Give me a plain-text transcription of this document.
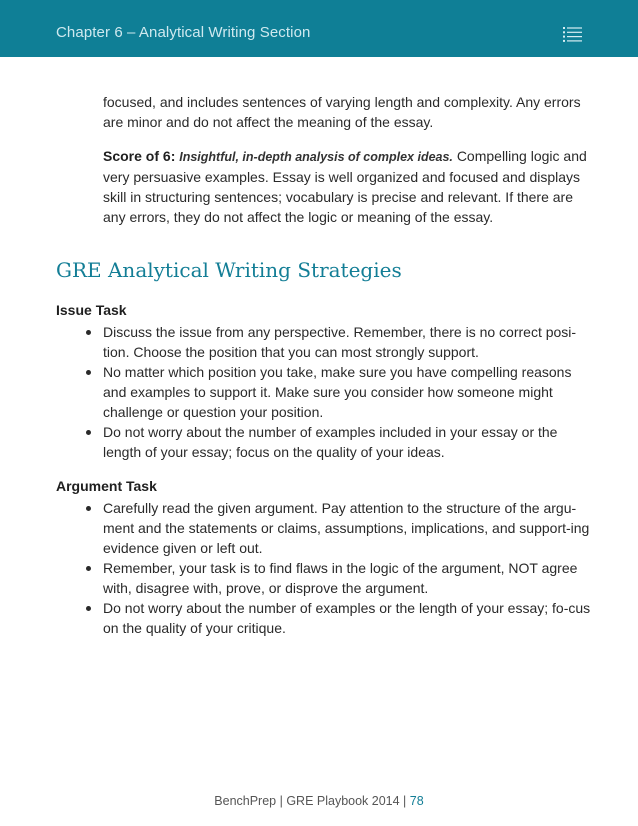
Chapter 6 – Analytical Writing Section
focused, and includes sentences of varying length and complexity. Any errors are minor and do not affect the meaning of the essay.
Score of 6: Insightful, in-depth analysis of complex ideas. Compelling logic and very persuasive examples. Essay is well organized and focused and displays skill in structuring sentences; vocabulary is precise and relevant. If there are any errors, they do not affect the logic or meaning of the essay.
GRE Analytical Writing Strategies
Issue Task
Discuss the issue from any perspective. Remember, there is no correct posi-tion. Choose the position that you can most strongly support.
No matter which position you take, make sure you have compelling reasons and examples to support it. Make sure you consider how someone might challenge or question your position.
Do not worry about the number of examples included in your essay or the length of your essay; focus on the quality of your ideas.
Argument Task
Carefully read the given argument. Pay attention to the structure of the argu-ment and the statements or claims, assumptions, implications, and support-ing evidence given or left out.
Remember, your task is to find flaws in the logic of the argument, NOT agree with, disagree with, prove, or disprove the argument.
Do not worry about the number of examples or the length of your essay; fo-cus on the quality of your critique.
BenchPrep | GRE Playbook 2014 | 78
